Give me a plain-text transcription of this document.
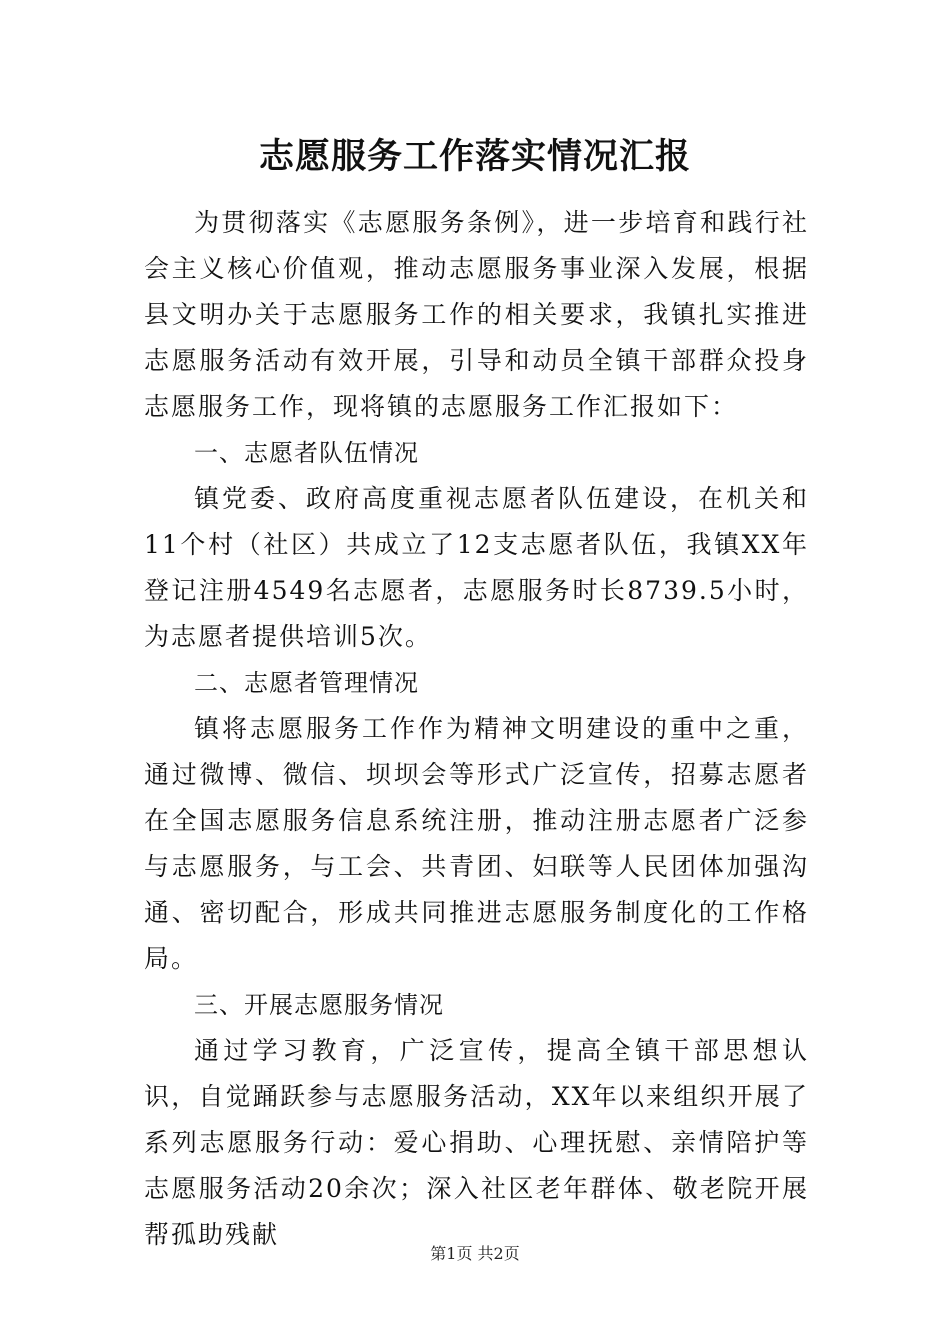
志愿服务工作落实情况汇报

为贯彻落实《志愿服务条例》，进一步培育和践行社会主义核心价值观，推动志愿服务事业深入发展，根据县文明办关于志愿服务工作的相关要求，我镇扎实推进志愿服务活动有效开展，引导和动员全镇干部群众投身志愿服务工作，现将镇的志愿服务工作汇报如下：

一、志愿者队伍情况

镇党委、政府高度重视志愿者队伍建设，在机关和11个村（社区）共成立了12支志愿者队伍，我镇XX年登记注册4549名志愿者，志愿服务时长8739.5小时，为志愿者提供培训5次。

二、志愿者管理情况

镇将志愿服务工作作为精神文明建设的重中之重，通过微博、微信、坝坝会等形式广泛宣传，招募志愿者在全国志愿服务信息系统注册，推动注册志愿者广泛参与志愿服务，与工会、共青团、妇联等人民团体加强沟通、密切配合，形成共同推进志愿服务制度化的工作格局。

三、开展志愿服务情况

通过学习教育，广泛宣传，提高全镇干部思想认识，自觉踊跃参与志愿服务活动，XX年以来组织开展了系列志愿服务行动：爱心捐助、心理抚慰、亲情陪护等志愿服务活动20余次；深入社区老年群体、敬老院开展帮孤助残献

第1页 共2页
